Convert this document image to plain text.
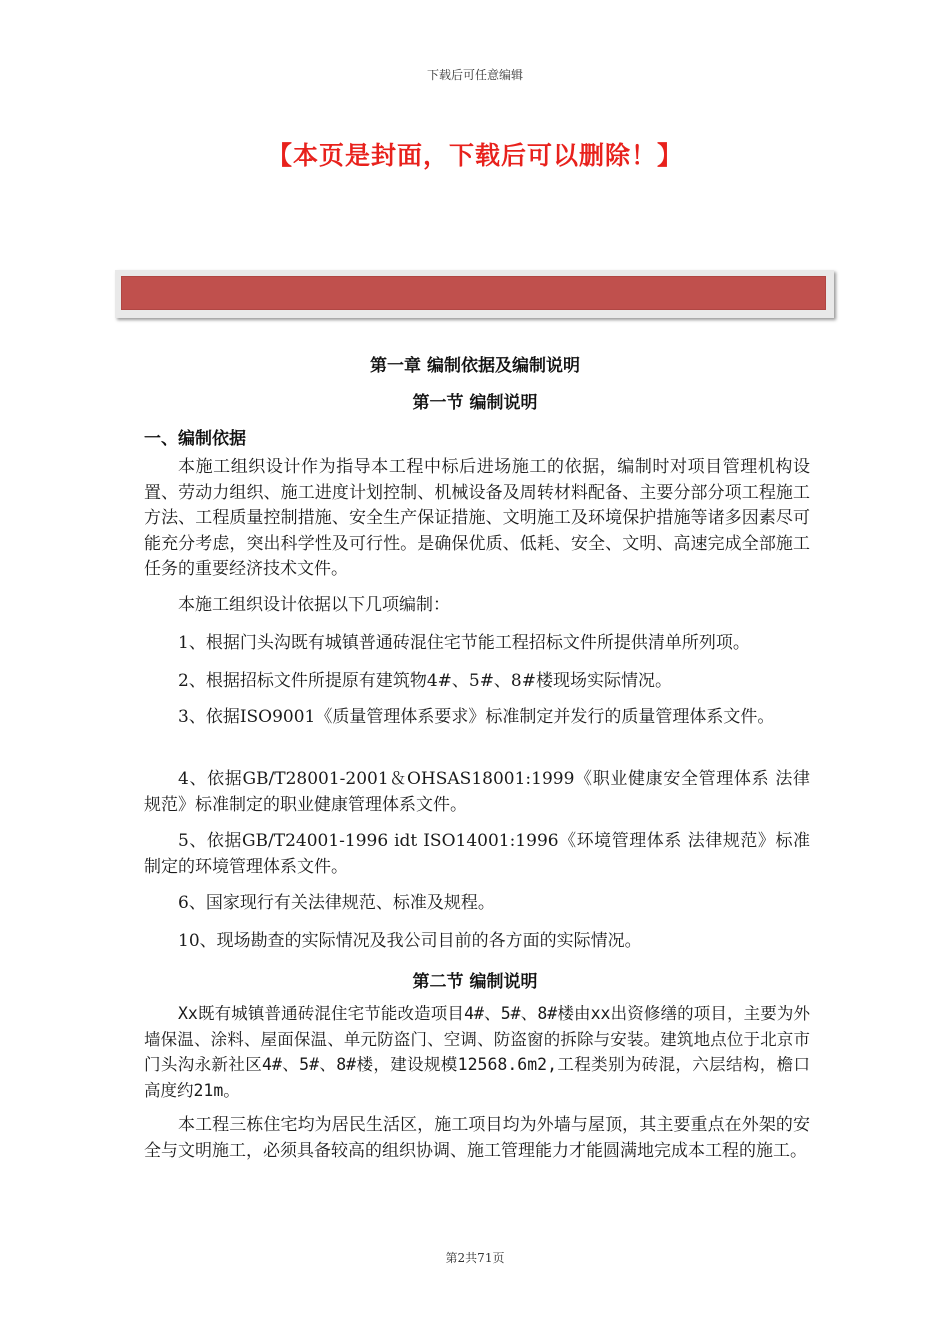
下载后可任意编辑
【本页是封面，下载后可以删除！】
第一章 编制依据及编制说明
第一节 编制说明
一、编制依据
本施工组织设计作为指导本工程中标后进场施工的依据，编制时对项目管理机构设置、劳动力组织、施工进度计划控制、机械设备及周转材料配备、主要分部分项工程施工方法、工程质量控制措施、安全生产保证措施、文明施工及环境保护措施等诸多因素尽可能充分考虑，突出科学性及可行性。是确保优质、低耗、安全、文明、高速完成全部施工任务的重要经济技术文件。
本施工组织设计依据以下几项编制：
1、根据门头沟既有城镇普通砖混住宅节能工程招标文件所提供清单所列项。
2、根据招标文件所提原有建筑物4#、5#、8#楼现场实际情况。
3、依据ISO9001《质量管理体系要求》标准制定并发行的质量管理体系文件。
4、依据GB/T28001-2001＆OHSAS18001:1999《职业健康安全管理体系 法律规范》标准制定的职业健康管理体系文件。
5、依据GB/T24001-1996 idt ISO14001:1996《环境管理体系 法律规范》标准制定的环境管理体系文件。
6、国家现行有关法律规范、标准及规程。
10、现场勘查的实际情况及我公司目前的各方面的实际情况。
第二节 编制说明
Xx既有城镇普通砖混住宅节能改造项目4#、5#、8#楼由xx出资修缮的项目，主要为外墙保温、涂料、屋面保温、单元防盗门、空调、防盗窗的拆除与安装。建筑地点位于北京市门头沟永新社区4#、5#、8#楼，建设规模12568.6m2,工程类别为砖混，六层结构，檐口高度约21m。
本工程三栋住宅均为居民生活区，施工项目均为外墙与屋顶，其主要重点在外架的安全与文明施工，必须具备较高的组织协调、施工管理能力才能圆满地完成本工程的施工。
第2共71页
